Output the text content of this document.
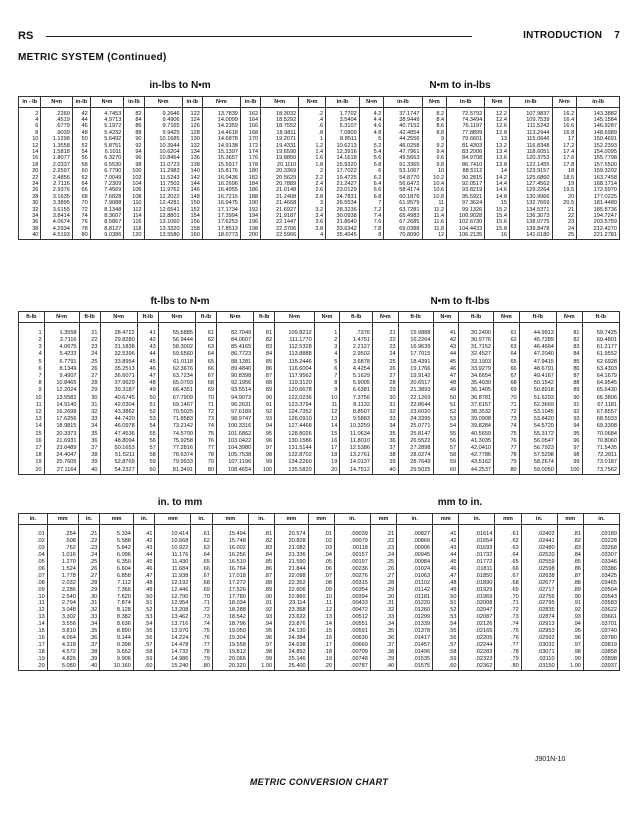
RS	INTRODUCTION 7
METRIC SYSTEM (Continued)
in-lbs to N•m	N•m to in-lbs
in - lb	N•m	in-lb	N•m	in-lb	N•m	in-lb	N•m	in-lb	N•m	N•m	in-lb	N•m	in-lb	N•m	in-lb	N•m	in-lb	N•m	in-lb

2	.2260	42	4.7453	82	9.2646	122	13.7839	162	18.3032	.2	1.7702	4.2	37.1747	8.2	72.5792	12.2	107.9837	16.2	143.3882
4	.4519	44	4.9713	84	9.4906	124	14.0099	164	18.5292	.4	3.5404	4.4	38.9449	8.4	74.3494	12.4	109.7539	16.4	145.1584
6	.6779	46	5.1972	86	9.7165	126	14.2359	166	18.7552	.6	5.3107	4.6	40.7152	8.6	76.1197	12.6	111.5242	16.6	146.9287
8	.9039	48	5.4232	88	9.9425	128	14.4618	168	18.9811	.8	7.0809	4.8	42.4854	8.8	77.8899	12.8	113.2944	16.8	148.6989
10	1.1298	50	5.6492	90	10.1685	130	14.6878	170	19.2071	1	8.8511	5	44.2556	9	79.6601	13	115.0646	17	150.4691
12	1.3558	52	5.8751	92	10.3944	132	14.9138	172	19.4331	1.2	10.6213	5.2	46.0258	9.2	81.4303	13.2	116.8348	17.2	152.2393
14	1.5818	54	6.1011	94	10.6204	134	15.1397	174	19.6590	1.4	12.3916	5.4	47.7961	9.4	83.2006	13.4	118.6051	17.4	154.0095
16	1.8077	56	6.3270	96	10.8464	136	15.3657	176	19.8850	1.6	14.1618	5.6	49.5663	9.6	84.9708	13.6	120.3753	17.6	155.7798
18	2.0337	58	6.5530	98	11.0723	138	15.5917	178	20.1110	1.8	15.9320	5.8	51.3365	9.8	86.7410	13.8	122.1455	17.8	157.5500
20	2.2597	60	6.7790	100	11.2983	140	15.8176	180	20.3369	2	17.7022	6	53.1067	10	88.5112	14	123.9157	18	159.3202
22	2.4856	62	7.0049	102	11.5243	142	16.0436	182	20.5629	2.2	19.4725	6.2	54.8770	10.2	90.2815	14.2	125.6860	18.5	163.7458
24	2.7116	64	7.2309	104	11.7502	144	16.2696	184	20.7889	2.4	21.2427	6.4	56.6472	10.4	92.0517	14.4	127.4562	19	168.1714
26	2.9376	66	7.4569	106	11.9762	146	16.4955	186	21.0148	2.6	23.0129	6.6	58.4174	10.6	93.8219	14.6	129.2264	19.5	172.5970
28	3.1635	68	7.6828	108	12.2022	148	16.7215	188	21.2408	2.8	24.7831	6.8	60.1876	10.8	95.5921	14.8	130.9966	20	177.0225
30	3.3895	70	7.9088	110	12.4281	150	16.9475	190	21.4668	3	26.5534	7	61.9579	11	97.3624	15	132.7669	20.5	181.4480
32	3.6155	72	8.1348	112	12.6541	152	17.1734	192	21.6927	3.2	28.3236	7.2	63.7281	11.2	99.1326	15.2	134.5371	21	185.8736
34	3.8414	74	8.3607	114	12.8801	154	17.3994	194	21.9187	3.4	30.0938	7.4	65.4983	11.4	100.9028	15.4	136.3073	22	194.7247
36	4.0674	76	8.5867	116	13.1060	156	17.6253	196	22.1447	3.6	31.8640	7.6	67.2685	11.6	102.6730	15.6	138.0775	23	203.5759
38	4.2934	78	8.8127	118	13.3320	158	17.8513	198	22.3706	3.8	33.6342	7.8	69.0388	11.8	104.4433	15.8	139.8478	24	212.4270
40	4.5193	80	9.0386	120	13.5580	160	18.0773	200	22.5966	4	35.4045	8	70.8090	12	106.2135	16	141.6180	25	221.2781
ft-lbs to N•m	N•m to ft-lbs
ft-lb	N•m	ft-lb	N•m	ft-lb	N•m	ft-lb	N•m	ft-lb	N•m	N•m	ft-lb	N•m	ft-lb	N•m	ft-lb	N•m	ft-lb	N•m	ft-lb

1	1.3558	21	28.4722	41	55.5885	61	82.7049	81	109.8212	1	.7376	21	15.9888	41	30.2400	61	44.9913	81	59.7425
2	2.7116	22	29.8280	42	56.9444	62	84.0607	82	111.1770	2	1.4751	22	16.2264	42	30.9776	62	45.7289	82	60.4801
3	4.0675	23	31.1838	43	58.3002	63	85.4165	83	112.5328	3	2.2127	23	16.9639	43	31.7152	63	46.4664	83	61.2177
4	5.4233	24	32.5396	44	59.6560	64	86.7723	84	113.8888	4	2.9502	24	17.7015	44	32.4527	64	47.2040	84	61.9552
5	6.7791	25	33.8954	45	61.0118	65	88.1281	85	115.2446	5	3.6878	25	18.4391	45	33.1903	65	47.9415	85	62.6928
6	8.1349	26	35.2513	46	62.3676	66	89.4840	86	116.6004	6	4.4254	26	19.1766	46	33.9279	66	48.6791	86	63.4303
7	9.4907	27	36.6071	47	63.7234	67	90.8398	87	117.9562	7	5.1629	27	19.9142	47	34.6654	67	49.4167	87	64.1679
8	10.8465	28	37.9629	48	65.0793	68	92.1956	88	119.3120	8	5.9005	28	20.6517	48	35.4030	68	50.1542	88	64.9545
9	12.2024	29	39.3187	49	66.4351	69	93.5514	89	120.6678	9	6.6381	29	21.3893	49	36.1405	69	50.8918	89	65.6430
10	13.5582	30	40.6745	50	67.7909	70	94.9073	90	122.0236	10	7.3756	30	22.1269	50	36.8781	70	51.6293	90	66.3806
11	14.9140	31	42.0304	51	69.1467	71	96.2631	91	123.3794	11	8.1132	31	22.8644	51	37.6157	71	52.3669	91	67.1181
12	16.2698	32	43.3862	52	70.5025	72	97.6189	92	124.7352	12	8.8507	32	23.6020	52	38.3532	72	53.1045	92	67.8557
13	17.6256	33	44.7420	53	71.8583	73	98.9747	93	126.0910	13	9.5883	33	24.3395	53	39.0908	73	53.8420	93	68.5933
14	18.9815	34	46.0978	54	73.2142	74	100.3316	94	127.4468	14	10.3259	34	25.0771	54	39.8284	74	54.5720	94	69.3308
15	20.3373	35	47.4536	55	74.5700	75	101.6862	95	128.8026	15	11.0634	35	25.8147	55	40.5659	75	55.3172	95	70.0684
16	21.6931	36	48.8094	56	75.9258	76	103.0422	96	130.1586	16	11.8010	36	26.5522	56	41.3035	76	56.0547	96	70.8060
17	23.0489	37	50.1653	57	77.2816	77	104.3980	97	131.5144	17	12.5386	37	27.2898	57	42.0410	77	56.7923	97	71.5435
18	24.4047	38	51.5211	58	78.6374	78	105.7538	98	132.8702	18	13.2761	38	28.0274	58	42.7786	78	57.5298	98	72.2811
19	25.7605	39	52.8769	59	79.9933	79	107.1196	99	134.2260	19	14.0137	39	28.7649	59	43.5162	79	58.2674	99	73.0187
20	27.1164	40	54.2327	60	81.3491	80	108.4654	100	135.5820	20	14.7512	40	29.5025	60	44.2537	80	59.0050	100	73.7562
in. to mm	mm to in.
in.	mm	in.	mm	in.	mm	in.	mm	in.	mm	mm	in.	mm	in.	mm	in.	mm	in.	mm	in.

.01	.254	.21	5.334	.41	10.414	.61	15.494	.81	20.574	.01	.00039	.21	.00827	.41	.01614	.61	.02402	.81	.03189
.02	.508	.22	5.588	.42	10.668	.62	15.748	.82	20.828	.02	.00079	.22	.00866	.42	.01654	.62	.02441	.82	.03228
.03	.762	.23	5.842	.43	10.922	.63	16.002	.83	21.082	.03	.00118	.23	.00906	.43	.01693	.63	.02480	.83	.03268
.04	1.016	.24	6.096	.44	11.176	.64	16.256	.84	21.336	.04	.00157	.24	.00945	.44	.01732	.64	.02520	.84	.03307
.05	1.270	.25	6.350	.45	11.430	.65	16.510	.85	21.590	.05	.00197	.25	.00984	.45	.01772	.65	.02559	.85	.03346
.06	1.524	.26	6.604	.46	11.684	.66	16.764	.86	21.844	.06	.00236	.26	.01024	.46	.01811	.66	.02598	.86	.03386
.07	1.778	.27	6.858	.47	11.938	.67	17.018	.87	22.098	.07	.00276	.27	.01063	.47	.01850	.67	.02638	.87	.03425
.08	2.032	.28	7.112	.48	12.192	.68	17.272	.88	22.352	.08	.00315	.28	.01102	.48	.01890	.68	.02677	.88	.03465
.09	2.286	.29	7.366	.49	12.446	.69	17.526	.89	22.606	.09	.00354	.29	.01142	.49	.01929	.69	.02717	.89	.03504
.10	2.540	.30	7.620	.50	12.700	.70	17.780	.90	22.860	.10	.00394	.30	.01181	.50	.01969	.70	.02756	.90	.03543
.11	2.794	.31	7.874	.51	12.954	.71	18.034	.91	23.114	.11	.00433	.31	.01220	.51	.02008	.71	.02795	.91	.03583
.12	3.048	.32	8.128	.52	13.208	.72	18.288	.92	23.368	.12	.00472	.32	.01260	.52	.02047	.72	.02835	.92	.03622
.13	3.302	.33	8.382	.53	13.462	.73	18.542	.93	23.622	.13	.00512	.33	.01299	.53	.02087	.73	.02874	.93	.03661
.14	3.556	.34	8.636	.54	13.716	.74	18.796	.94	23.876	.14	.00551	.34	.01339	.54	.02126	.74	.02913	.94	.03701
.15	3.810	.35	8.890	.55	13.970	.75	19.050	.95	24.130	.15	.00591	.35	.01378	.55	.02165	.75	.02953	.95	.03740
.16	4.064	.36	9.144	.56	14.224	.76	19.304	.96	24.384	.16	.00630	.36	.01417	.56	.02205	.76	.02992	.96	.03780
.17	4.318	.37	9.398	.57	14.478	.77	19.558	.97	24.638	.17	.00669	.37	.01457	.57	.02244	.77	.03032	.97	.03819
.18	4.572	.38	9.652	.58	14.732	.78	19.812	.98	24.892	.18	.00709	.38	.01496	.58	.02283	.78	.03071	.98	.03858
.19	4.826	.39	9.906	.59	14.986	.79	20.066	.99	25.146	.19	.00748	.39	.01535	.59	.02323	.79	.03110	.99	.03898
.20	5.080	.40	10.160	.60	15.240	.80	20.320	1.00	25.400	.20	.00787	.40	.01575	.60	.02362	.80	.03150	1.00	.03937
J901N-10
METRIC CONVERSION CHART
